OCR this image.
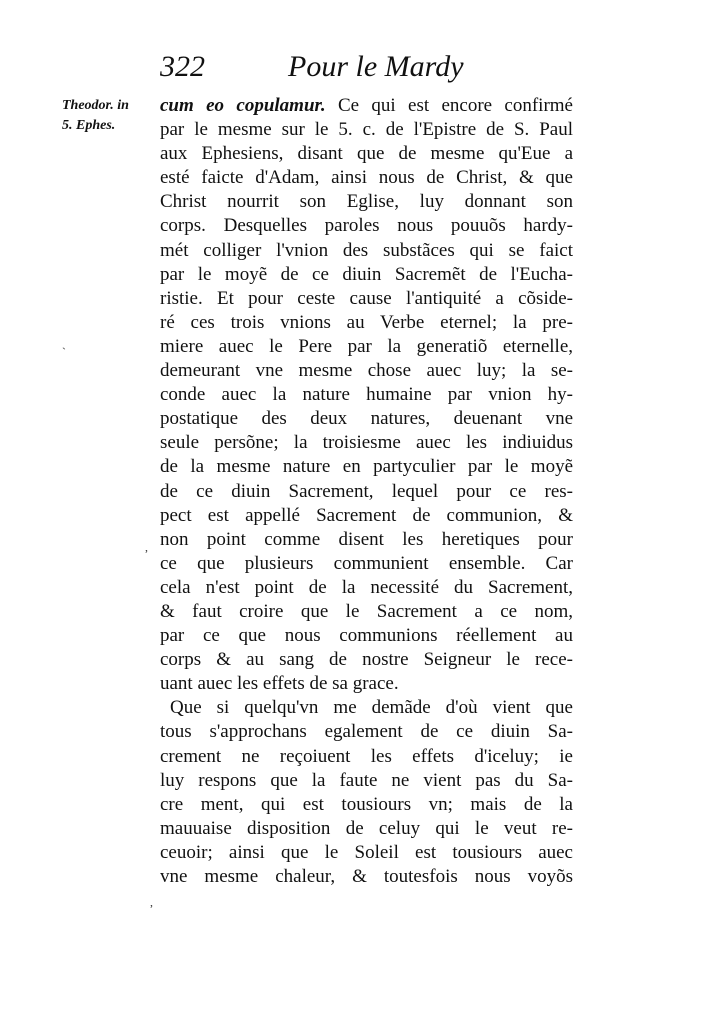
322	Pour le Mardy
Theodor. in
5. Ephes.
cum eo copulamur. Ce qui est encore confirmé
par le mesme sur le 5. c. de l'Epistre de S. Paul
aux Ephesiens, disant que de mesme qu'Eue a
esté faicte d'Adam, ainsi nous de Christ, & que
Christ nourrit son Eglise, luy donnant son
corps. Desquelles paroles nous pouuõs hardy-
mét colliger l'vnion des substãces qui se faict
par le moyẽ de ce diuin Sacremẽt de l'Eucha-
ristie. Et pour ceste cause l'antiquité a cõside-
ré ces trois vnions au Verbe eternel; la pre-
miere auec le Pere par la generatiõ eternelle,
demeurant vne mesme chose auec luy; la se-
conde auec la nature humaine par vnion hy-
postatique des deux natures, deuenant vne
seule persõne; la troisiesme auec les indiuidus
de la mesme nature en partyculier par le moyẽ
de ce diuin Sacrement, lequel pour ce res-
pect est appellé Sacrement de communion, &
non point comme disent les heretiques pour
ce que plusieurs communient ensemble. Car
cela n'est point de la necessité du Sacrement,
& faut croire que le Sacrement a ce nom,
par ce que nous communions réellement au
corps & au sang de nostre Seigneur le rece-
uant auec les effets de sa grace.
Que si quelqu'vn me demãde d'où vient que
tous s'approchans egalement de ce diuin Sa-
crement ne reçoiuent les effets d'iceluy; ie
luy respons que la faute ne vient pas du Sa-
cre ment, qui est tousiours vn; mais de la
mauuaise disposition de celuy qui le veut re-
ceuoir; ainsi que le Soleil est tousiours auec
vne mesme chaleur, & toutesfois nous voyõs
`
,
,
